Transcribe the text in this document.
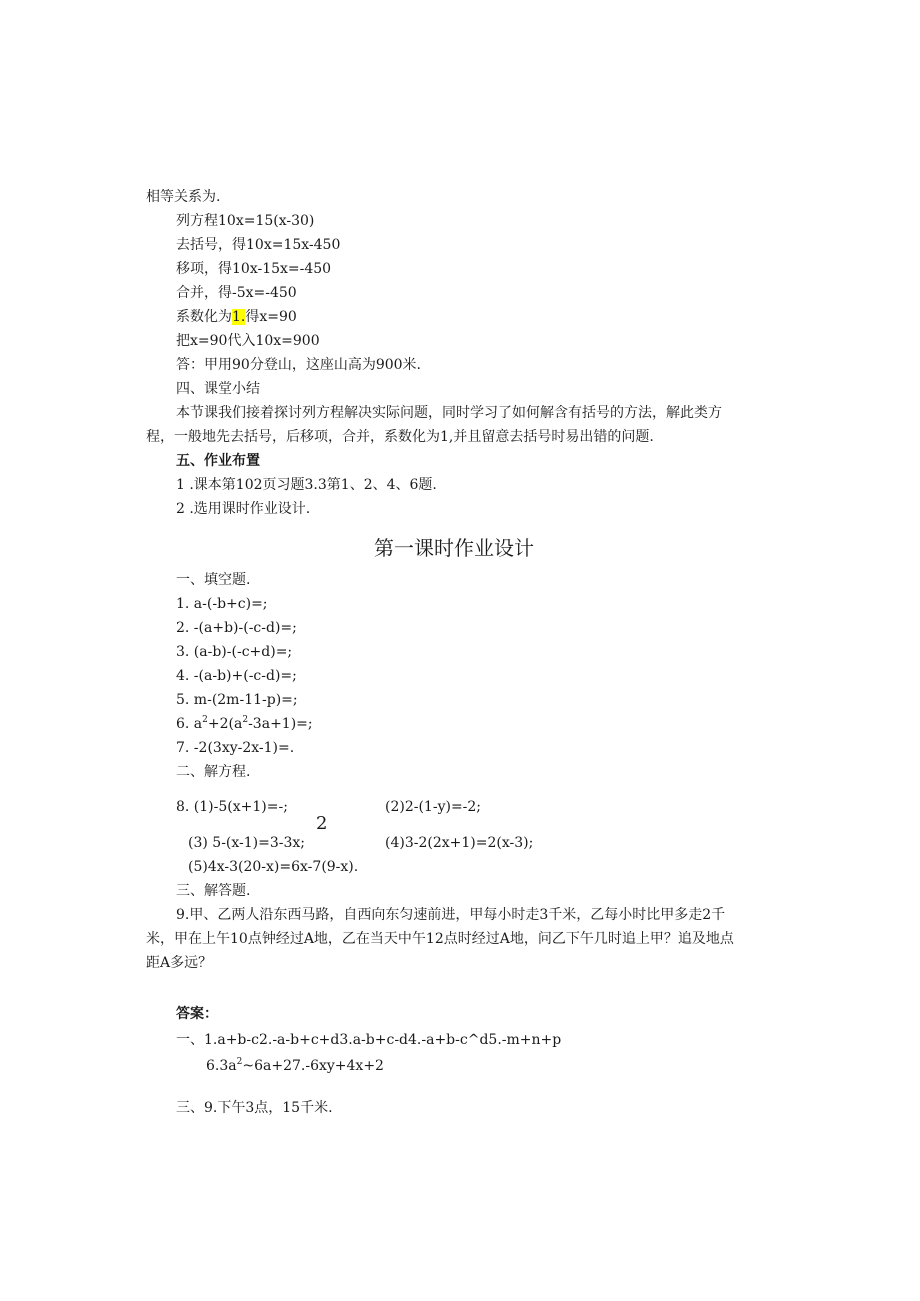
相等关系为.
列方程10x=15(x-30)
去括号，得10x=15x-450
移项，得10x-15x=-450
合并，得-5x=-450
系数化为1.得x=90
把x=90代入10x=900
答：甲用90分登山，这座山高为900米.
四、课堂小结
本节课我们接着探讨列方程解决实际问题，同时学习了如何解含有括号的方法，解此类方
程，一般地先去括号，后移项，合并，系数化为1,并且留意去括号时易出错的问题.
五、作业布置
1 .课本第102页习题3.3第1、2、4、6题.
2 .选用课时作业设计.
第一课时作业设计
一、填空题.
1. a-(-b+c)=;
2. -(a+b)-(-c-d)=;
3. (a-b)-(-c+d)=;
4. -(a-b)+(-c-d)=;
5. m-(2m-11-p)=;
6. $a^2+2(a^2-3a+1)=$;
7. -2(3xy-2x-1)=.
二、解方程.
8. (1)-5(x+1)=-;	(2)2-(1-y)=-2;
2
(3) 5-(x-1)=3-3x;	(4)3-2(2x+1)=2(x-3);
(5)4x-3(20-x)=6x-7(9-x).
三、解答题.
9.甲、乙两人沿东西马路，自西向东匀速前进，甲每小时走3千米，乙每小时比甲多走2千
米，甲在上午10点钟经过A地，乙在当天中午12点时经过A地，问乙下午几时追上甲？追及地点
距A多远？
答案：
一、1.a+b-c2.-a-b+c+d3.a-b+c-d4.-a+b-c^d5.-m+n+p
$6.3a^2\sim 6a+27.-6xy+4x+2$
三、9.下午3点，15千米.
